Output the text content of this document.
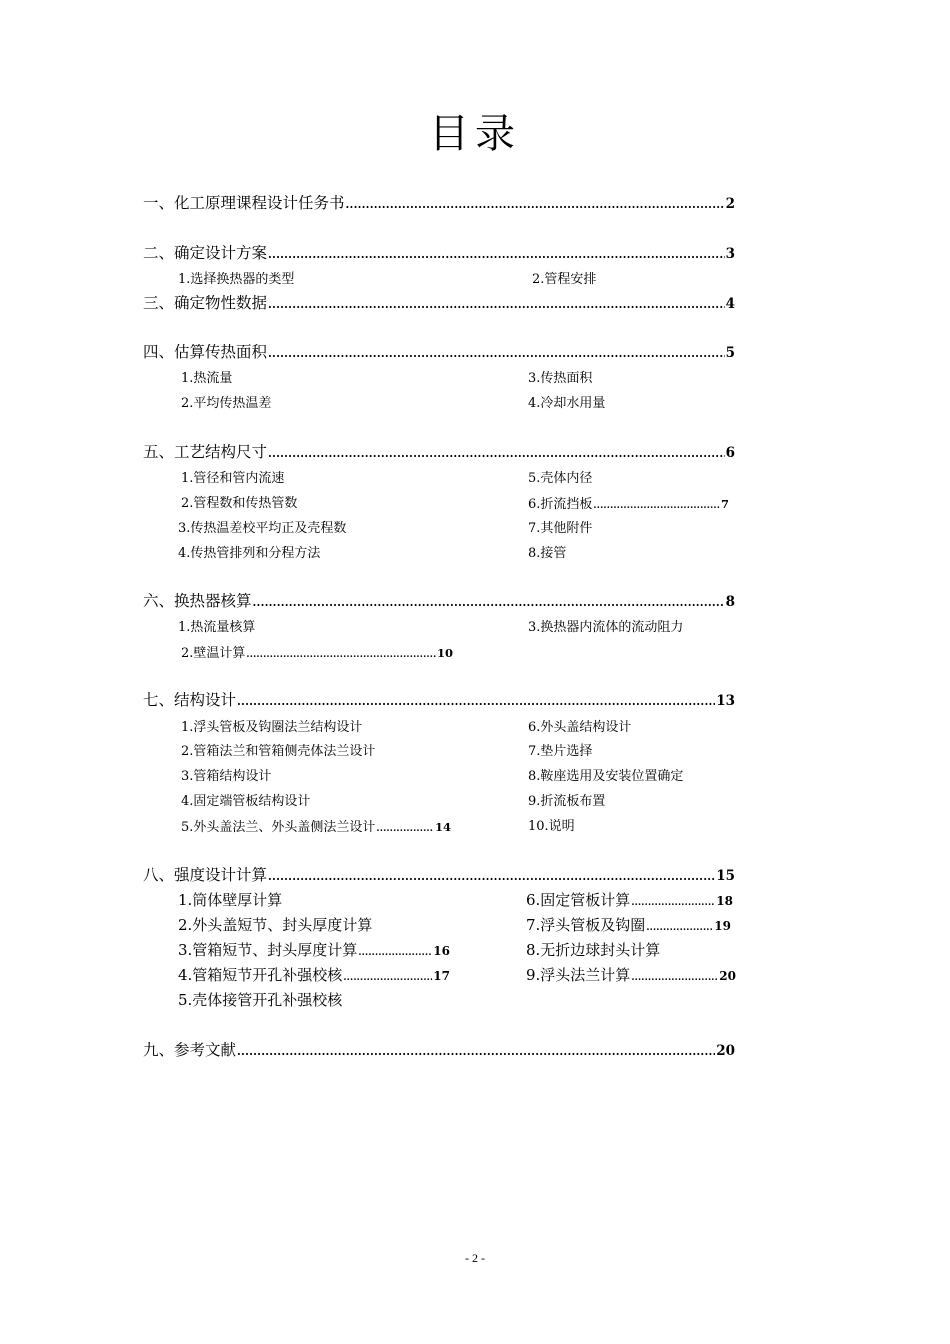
目录
一、化工原理课程设计任务书 .....	2
二、确定设计方案 .....	3
1.选择换热器的类型	2.管程安排
三、确定物性数据 .....	4
四、估算传热面积 .....	5
1.热流量	3.传热面积
2.平均传热温差	4.冷却水用量
五、工艺结构尺寸 .....	6
1.管径和管内流速	5.壳体内径
2.管程数和传热管数	6.折流挡板 .....	7
3.传热温差校平均正及壳程数	7.其他附件
4.传热管排列和分程方法	8.接管
六、换热器核算 .....	8
1.热流量核算	3.换热器内流体的流动阻力
2.壁温计算 .....	10
七、结构设计 .....	13
1.浮头管板及钩圈法兰结构设计	6.外头盖结构设计
2.管箱法兰和管箱侧壳体法兰设计	7.垫片选择
3.管箱结构设计	8.鞍座选用及安装位置确定
4.固定端管板结构设计	9.折流板布置
5.外头盖法兰、外头盖侧法兰设计 .....	14	10.说明
八、强度设计计算 .....	15
1.筒体壁厚计算	6.固定管板计算 .....	18
2.外头盖短节、封头厚度计算	7.浮头管板及钩圈 .....	19
3.管箱短节、封头厚度计算 .....	16	8.无折边球封头计算
4.管箱短节开孔补强校核 .....	17	9.浮头法兰计算 .....	20
5.壳体接管开孔补强校核
九、参考文献 .....	20
- 2 -
